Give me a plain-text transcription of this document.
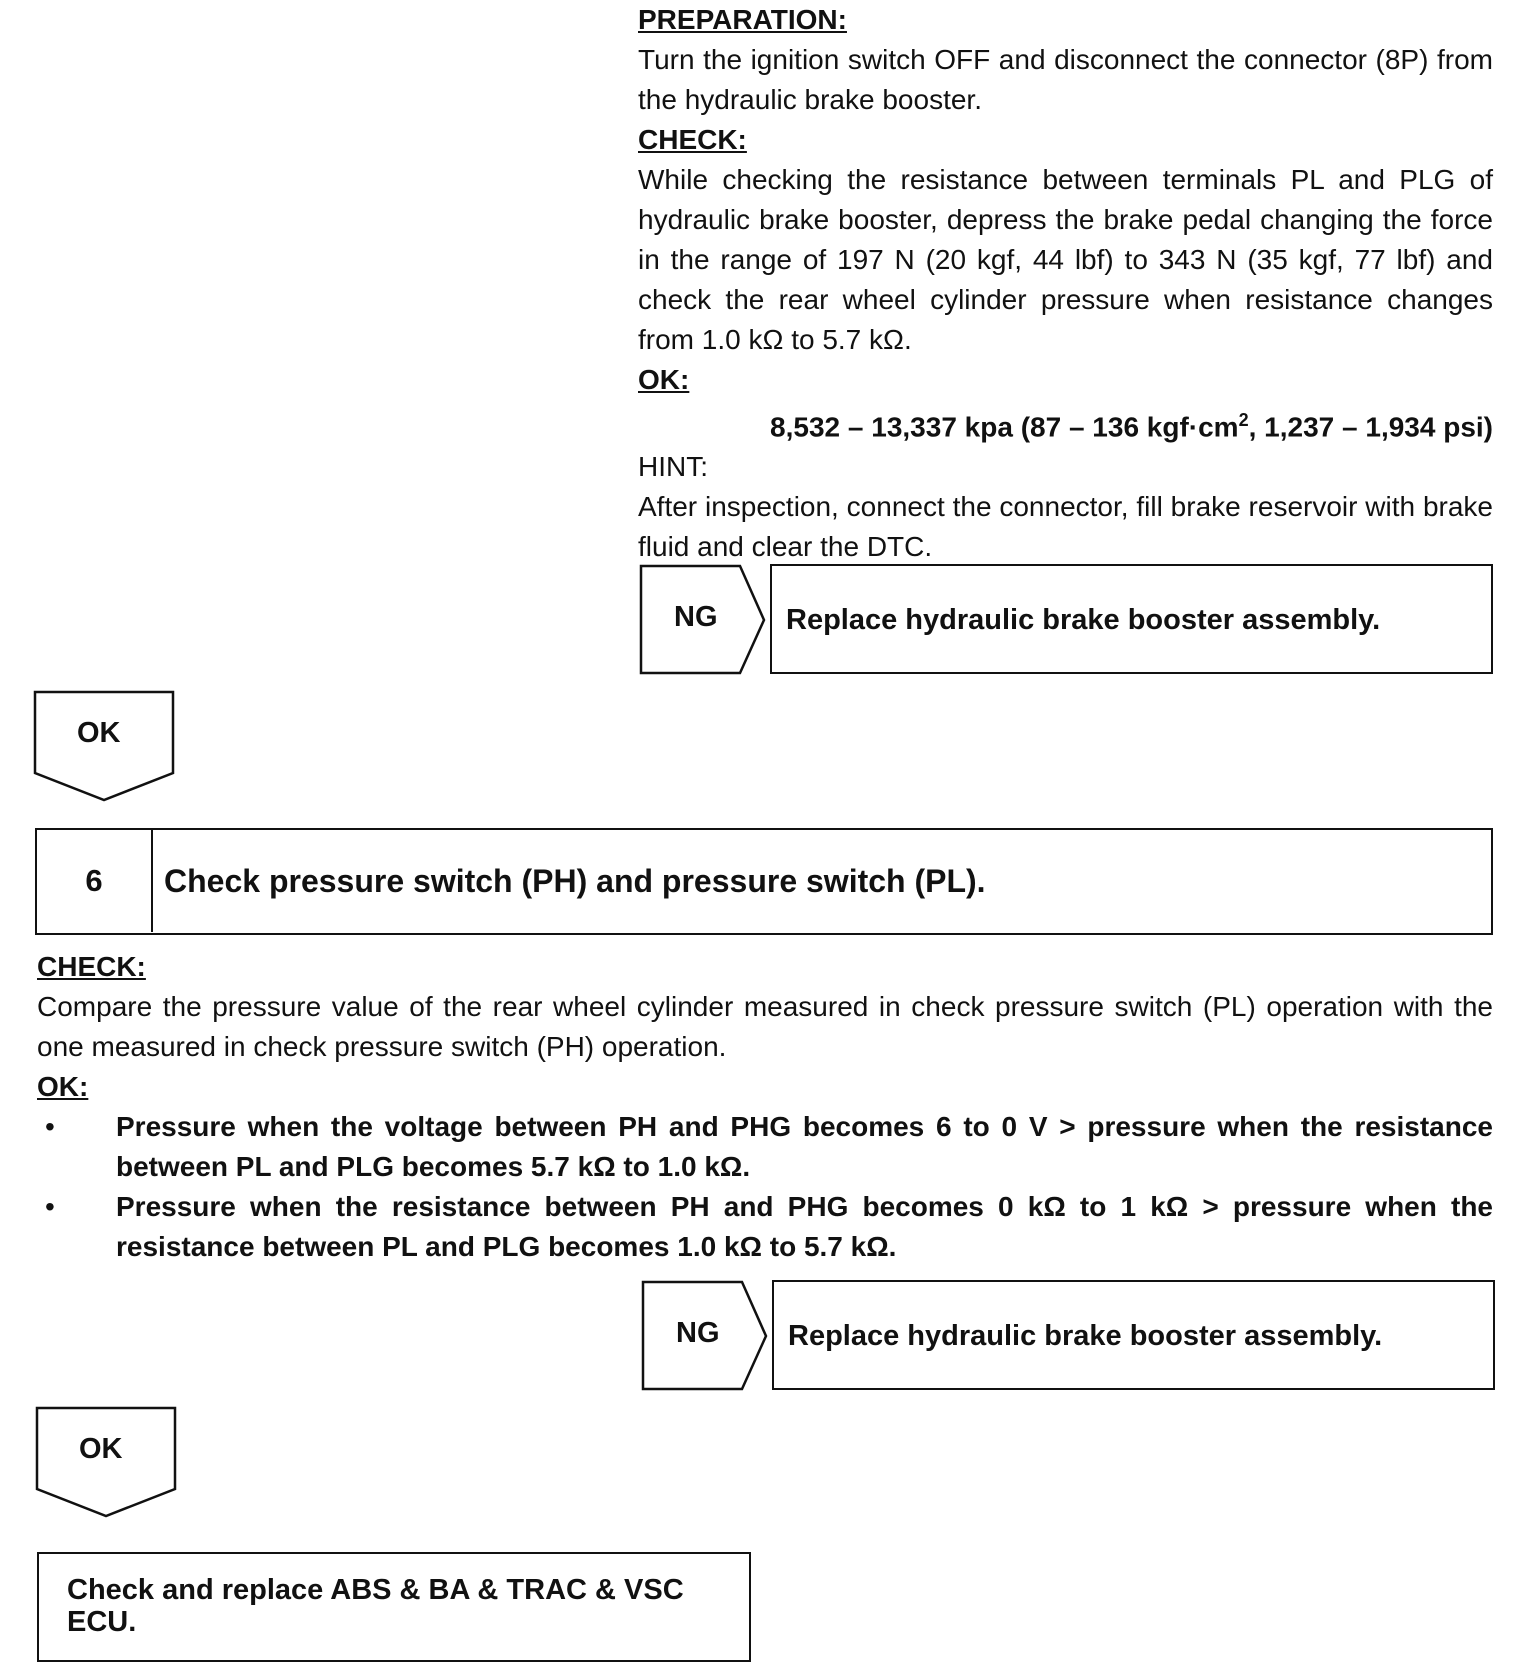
PREPARATION:
Turn the ignition switch OFF and disconnect the connector (8P) from the hydraulic brake booster.
CHECK:
While checking the resistance between terminals PL and PLG of hydraulic brake booster, depress the brake pedal changing the force in the range of 197 N (20 kgf, 44 lbf) to 343 N (35 kgf, 77 lbf) and check the rear wheel cylinder pressure when resistance changes from 1.0 kΩ to 5.7 kΩ.
OK:
8,532 – 13,337 kpa (87 – 136 $kgf\cdot cm^2$, 1,237 – 1,934 psi)
HINT:
After inspection, connect the connector, fill brake reservoir with brake fluid and clear the DTC.
NG Replace hydraulic brake booster assembly.
OK
6 Check pressure switch (PH) and pressure switch (PL).
CHECK:
Compare the pressure value of the rear wheel cylinder measured in check pressure switch (PL) operation with the one measured in check pressure switch (PH) operation.
OK:
• Pressure when the voltage between PH and PHG becomes 6 to 0 V > pressure when the resistance between PL and PLG becomes 5.7 kΩ to 1.0 kΩ.
• Pressure when the resistance between PH and PHG becomes 0 kΩ to 1 kΩ > pressure when the resistance between PL and PLG becomes 1.0 kΩ to 5.7 kΩ.
NG Replace hydraulic brake booster assembly.
OK
Check and replace ABS & BA & TRAC & VSC ECU.
